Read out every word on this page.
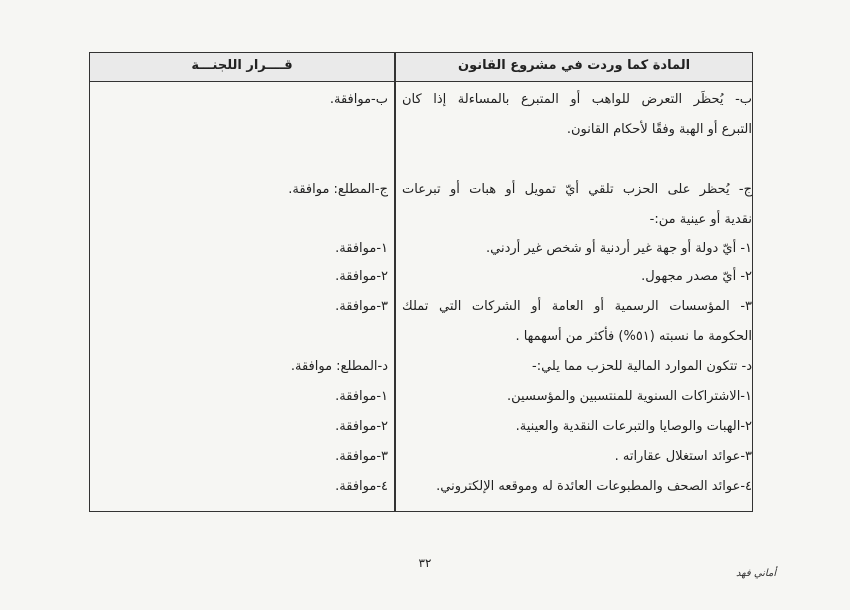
المادة كما وردت في مشروع القانون
قــــرار اللجنـــة
ب- يُحظَر التعرض للواهب أو المتبرع بالمساءلة إذا كان
التبرع أو الهبة وفقًا لأحكام القانون.
ج- يُحظر على الحزب تلقي أيّ تمويل أو هبات أو تبرعات
نقدية أو عينية من:-
١- أيّ دولة أو جهة غير أردنية أو شخص غير أردني.
٢- أيّ مصدر مجهول.
٣- المؤسسات الرسمية أو العامة أو الشركات التي تملك
الحكومة ما نسبته (٥١%) فأكثر من أسهمها .
د- تتكون الموارد المالية للحزب مما يلي:-
١-الاشتراكات السنوية للمنتسبين والمؤسسين.
٢-الهبات والوصايا والتبرعات النقدية والعينية.
٣-عوائد استغلال عقاراته .
٤-عوائد الصحف والمطبوعات العائدة له وموقعه الإلكتروني.
ب-موافقة.
ج-المطلع: موافقة.
١-موافقة.
٢-موافقة.
٣-موافقة.
د-المطلع: موافقة.
١-موافقة.
٢-موافقة.
٣-موافقة.
٤-موافقة.
٣٢
أماني فهد
